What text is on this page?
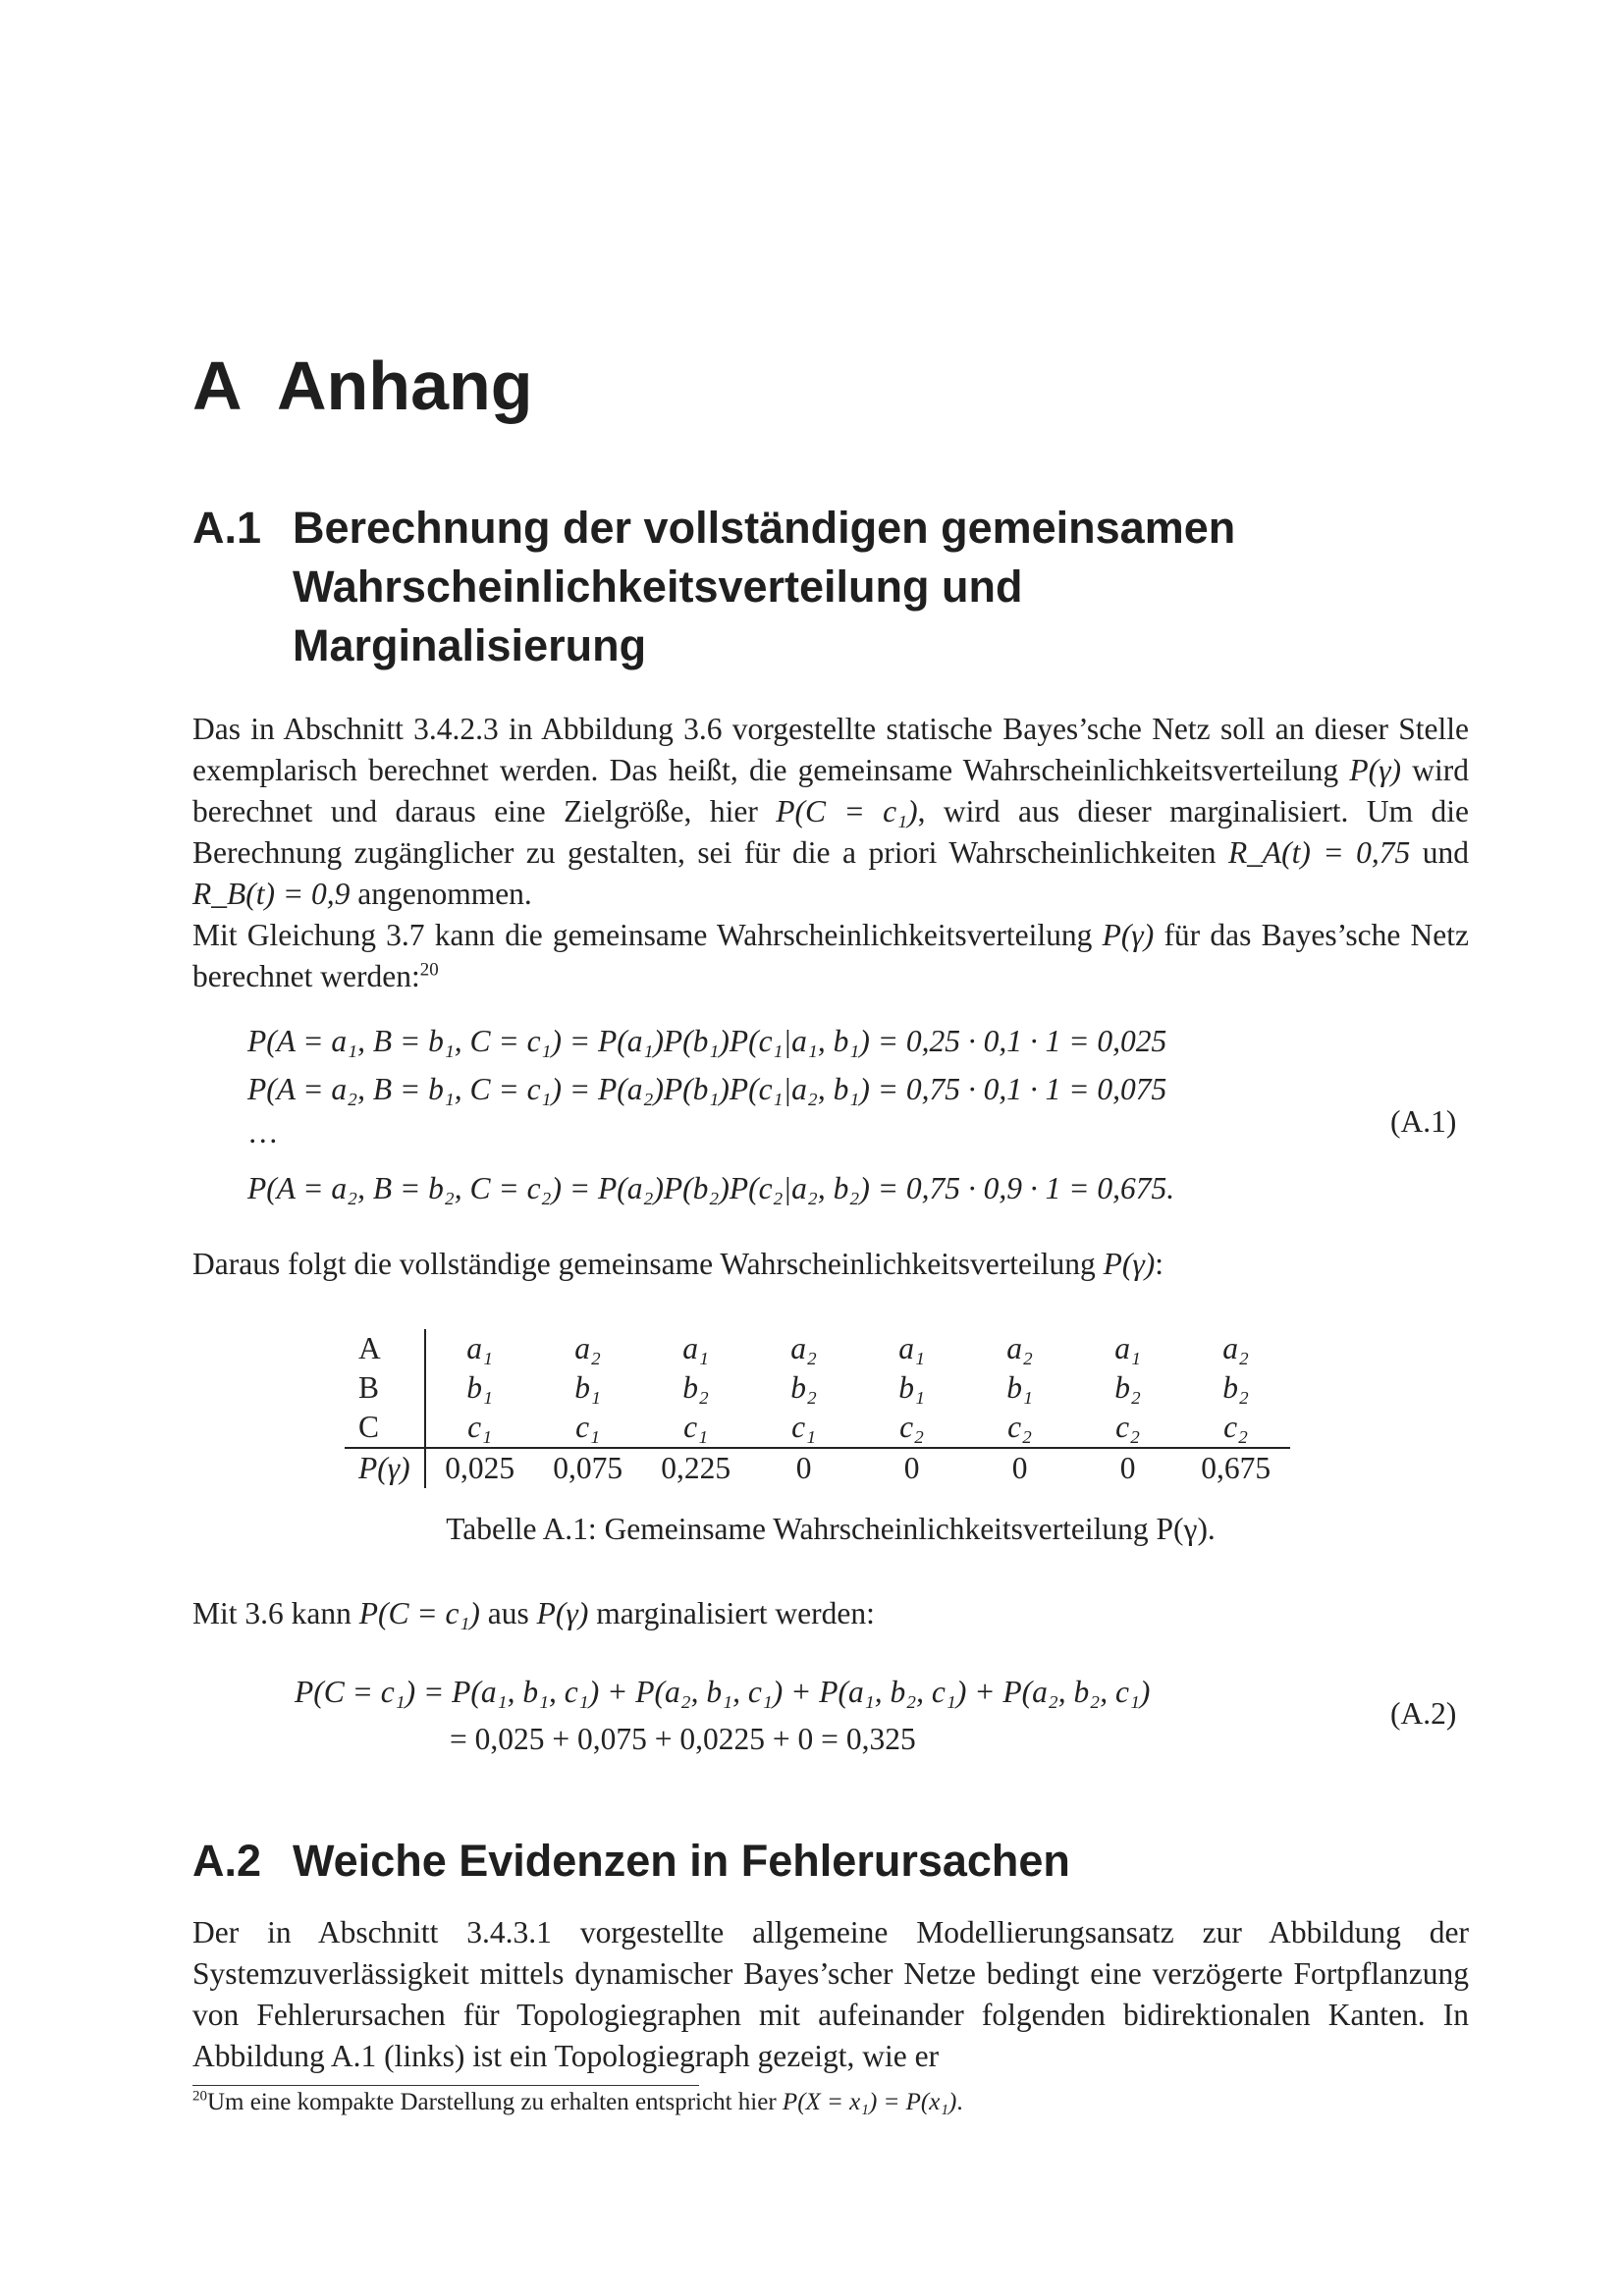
A Anhang
A.1 Berechnung der vollständigen gemeinsamen Wahrscheinlichkeitsverteilung und Marginalisierung

Das in Abschnitt 3.4.2.3 in Abbildung 3.6 vorgestellte statische Bayes’sche Netz soll an dieser Stelle exemplarisch berechnet werden. Das heißt, die gemeinsame Wahrscheinlichkeitsverteilung P(γ) wird berechnet und daraus eine Zielgröße, hier P(C = c₁), wird aus dieser marginalisiert. Um die Berechnung zugänglicher zu gestalten, sei für die a priori Wahrscheinlichkeiten R_A(t) = 0,75 und R_B(t) = 0,9 angenommen.

Mit Gleichung 3.7 kann die gemeinsame Wahrscheinlichkeitsverteilung P(γ) für das Bayes’sche Netz berechnet werden:$^{20}$

P(A = a₁, B = b₁, C = c₁) = P(a₁)P(b₁)P(c₁|a₁, b₁) = 0,25 · 0,1 · 1 = 0,025
P(A = a₂, B = b₁, C = c₁) = P(a₂)P(b₁)P(c₁|a₂, b₁) = 0,75 · 0,1 · 1 = 0,075
…
P(A = a₂, B = b₂, C = c₂) = P(a₂)P(b₂)P(c₂|a₂, b₂) = 0,75 · 0,9 · 1 = 0,675.
(A.1)

Daraus folgt die vollständige gemeinsame Wahrscheinlichkeitsverteilung P(γ):

A	a₁	a₂	a₁	a₂	a₁	a₂	a₁	a₂
B	b₁	b₁	b₂	b₂	b₁	b₁	b₂	b₂
C	c₁	c₁	c₁	c₁	c₂	c₂	c₂	c₂
P(γ)	0,025	0,075	0,225	0	0	0	0	0,675
Tabelle A.1: Gemeinsame Wahrscheinlichkeitsverteilung P(γ).

Mit 3.6 kann P(C = c₁) aus P(γ) marginalisiert werden:

P(C = c₁) = P(a₁, b₁, c₁) + P(a₂, b₁, c₁) + P(a₁, b₂, c₁) + P(a₂, b₂, c₁)
= 0,025 + 0,075 + 0,0225 + 0 = 0,325
(A.2)
A.2 Weiche Evidenzen in Fehlerursachen

Der in Abschnitt 3.4.3.1 vorgestellte allgemeine Modellierungsansatz zur Abbildung der Systemzuverlässigkeit mittels dynamischer Bayes’scher Netze bedingt eine verzögerte Fortpflanzung von Fehlerursachen für Topologiegraphen mit aufeinander folgenden bidirektionalen Kanten. In Abbildung A.1 (links) ist ein Topologiegraph gezeigt, wie er

$^{20}$Um eine kompakte Darstellung zu erhalten entspricht hier P(X = x₁) = P(x₁).
